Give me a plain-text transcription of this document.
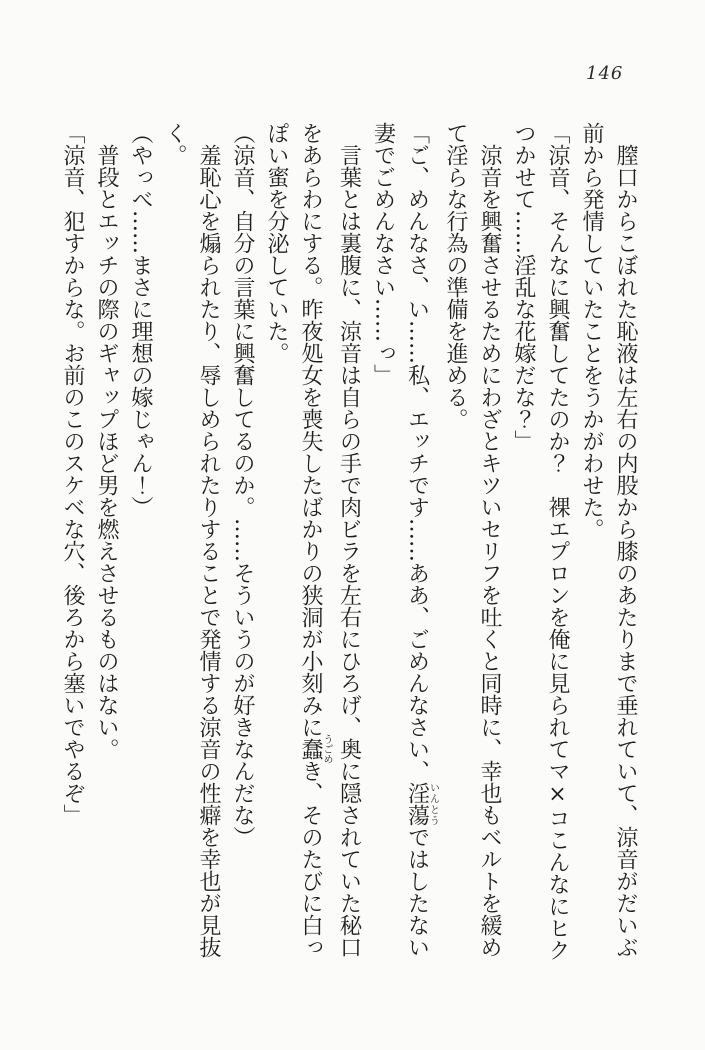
146
　膣口からこぼれた恥液は左右の内股から膝のあたりまで垂れていて、涼音がだいぶ
前から発情していたことをうかがわせた。
「涼音、そんなに興奮してたのか？　裸エプロンを俺に見られてマ×コこんなにヒク
つかせて……淫乱な花嫁だな？」
　涼音を興奮させるためにわざとキツいセリフを吐くと同時に、幸也もベルトを緩め
て淫らな行為の準備を進める。
「ご、めんなさ、い……私、エッチです……ああ、ごめんなさい、淫蕩いんとうではしたない
妻でごめんなさい……っ」
　言葉とは裏腹に、涼音は自らの手で肉ビラを左右にひろげ、奥に隠されていた秘口
をあらわにする。昨夜処女を喪失したばかりの狭洞が小刻みに蠢うごめき、そのたびに白っ
ぽい蜜を分泌していた。
（涼音、自分の言葉に興奮してるのか。……そういうのが好きなんだな）
　羞恥心を煽られたり、辱しめられたりすることで発情する涼音の性癖を幸也が見抜
く。
（やっべ……まさに理想の嫁じゃん！）
　普段とエッチの際のギャップほど男を燃えさせるものはない。
「涼音、犯すからな。お前のこのスケベな穴、後ろから塞いでやるぞ」
